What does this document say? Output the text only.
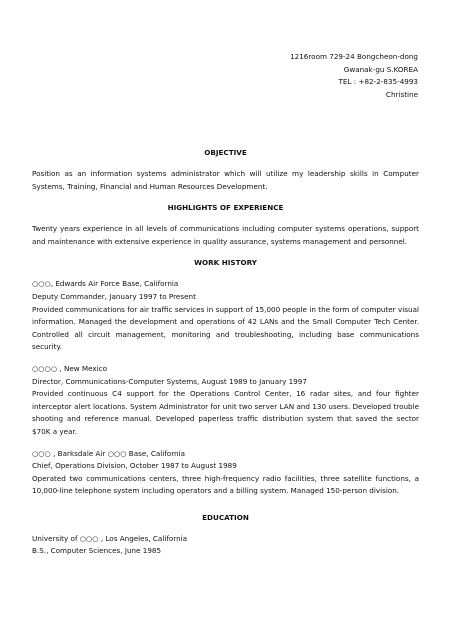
1216room 729-24 Bongcheon-dong
Gwanak-gu S.KOREA
TEL : +82-2-835-4993
Christine
OBJECTIVE

Position as an information systems administrator which will utilize my leadership skills in Computer Systems, Training, Financial and Human Resources Development.

HIGHLIGHTS OF EXPERIENCE

Twenty years experience in all levels of communications including computer systems operations, support and maintenance with extensive experience in quality assurance, systems management and personnel.

WORK HISTORY
○○○, Edwards Air Force Base, California
Deputy Commander, January 1997 to Present

Provided communications for air traffic services in support of 15,000 people in the form of computer visual information. Managed the development and operations of 42 LANs and the Small Computer Tech Center. Controlled all circuit management, monitoring and troubleshooting, including base communications security.

○○○○ , New Mexico
Director, Communications-Computer Systems, August 1989 to January 1997

Provided continuous C4 support for the Operations Control Center, 16 radar sites, and four fighter interceptor alert locations. System Administrator for unit two server LAN and 130 users. Developed trouble shooting and reference manual. Developed paperless traffic distribution system that saved the sector $70K a year.

○○○ , Barksdale Air ○○○ Base, California
Chief, Operations Division, October 1987 to August 1989

Operated two communications centers, three high-frequency radio facilities, three satellite functions, a 10,000-line telephone system including operators and a billing system. Managed 150-person division.

EDUCATION
University of ○○○ , Los Angeles, California
B.S., Computer Sciences, June 1985
